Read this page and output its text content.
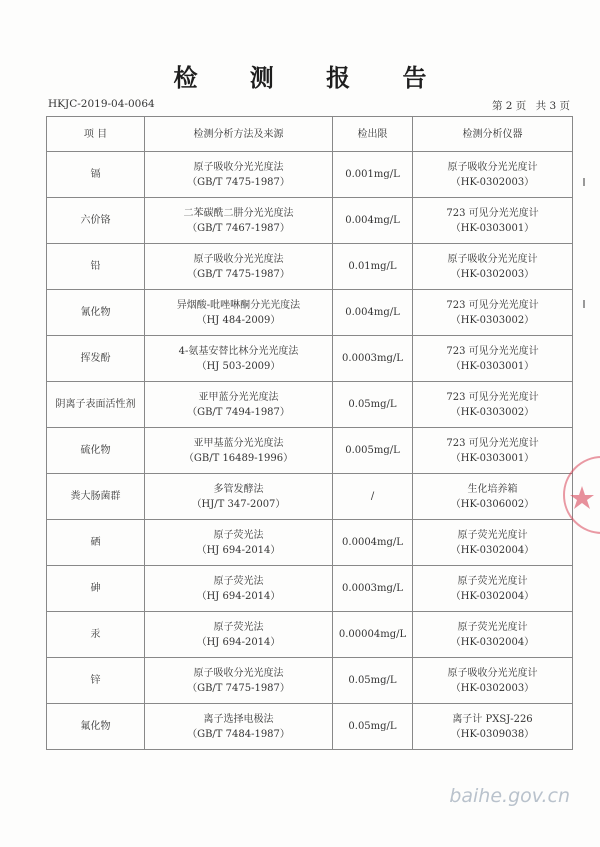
检 测 报 告
HKJC-2019-04-0064	第 2 页 共 3 页
项 目	检测分析方法及来源	检出限	检测分析仪器
镉	原子吸收分光光度法
（GB/T 7475-1987）	0.001mg/L	原子吸收分光光度计
（HK-0302003）

六价铬	二苯碳酰二肼分光光度法
（GB/T 7467-1987）	0.004mg/L	723 可见分光光度计
（HK-0303001）

铅	原子吸收分光光度法
（GB/T 7475-1987）	0.01mg/L	原子吸收分光光度计
（HK-0302003）

氰化物	异烟酸-吡唑啉酮分光光度法
（HJ 484-2009）	0.004mg/L	723 可见分光光度计
（HK-0303002）

挥发酚	4-氨基安替比林分光光度法
（HJ 503-2009）	0.0003mg/L	723 可见分光光度计
（HK-0303001）

阴离子表面活性剂	亚甲蓝分光光度法
（GB/T 7494-1987）	0.05mg/L	723 可见分光光度计
（HK-0303002）

硫化物	亚甲基蓝分光光度法
（GB/T 16489-1996）	0.005mg/L	723 可见分光光度计
（HK-0303001）

粪大肠菌群	多管发酵法
（HJ/T 347-2007）	/	生化培养箱
（HK-0306002）

硒	原子荧光法
（HJ 694-2014）	0.0004mg/L	原子荧光光度计
（HK-0302004）

砷	原子荧光法
（HJ 694-2014）	0.0003mg/L	原子荧光光度计
（HK-0302004）

汞	原子荧光法
（HJ 694-2014）	0.00004mg/L	原子荧光光度计
（HK-0302004）

锌	原子吸收分光光度法
（GB/T 7475-1987）	0.05mg/L	原子吸收分光光度计
（HK-0302003）

氟化物	离子选择电极法
（GB/T 7484-1987）	0.05mg/L	离子计 PXSJ-226
（HK-0309038）
baihe.gov.cn
